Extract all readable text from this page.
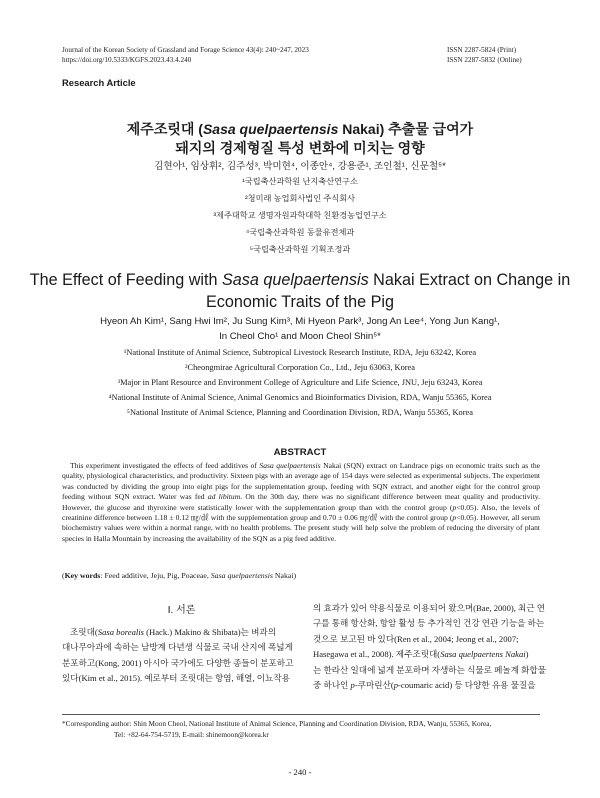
Journal of the Korean Society of Grassland and Forage Science 43(4): 240~247, 2023
https://doi.org/10.5333/KGFS.2023.43.4.240
ISSN 2287-5824 (Print)
ISSN 2287-5832 (Online)
Research Article
제주조릿대 (Sasa quelpaertensis Nakai) 추출물 급여가
돼지의 경제형질 특성 변화에 미치는 영향
김현아¹, 임상휘², 김주성³, 박미현⁴, 이종안⁴, 강용준¹, 조인철¹, 신문철⁵*
¹국립축산과학원 난지축산연구소
²청미래 농업회사법인 주식회사
³제주대학교 생명자원과학대학 친환경농업연구소
⁴국립축산과학원 동물유전체과
⁵국립축산과학원 기획조정과
The Effect of Feeding with Sasa quelpaertensis Nakai Extract on Change in
Economic Traits of the Pig
Hyeon Ah Kim¹, Sang Hwi Im², Ju Sung Kim³, Mi Hyeon Park³, Jong An Lee⁴, Yong Jun Kang¹,
In Cheol Cho¹ and Moon Cheol Shin⁵*
¹National Institute of Animal Science, Subtropical Livestock Research Institute, RDA, Jeju 63242, Korea
²Cheongmirae Agricultural Corporation Co., Ltd., Jeju 63063, Korea
³Major in Plant Resource and Environment College of Agriculture and Life Science, JNU, Jeju 63243, Korea
⁴National Institute of Animal Science, Animal Genomics and Bioinformatics Division, RDA, Wanju 55365, Korea
⁵National Institute of Animal Science, Planning and Coordination Division, RDA, Wanju 55365, Korea
ABSTRACT
This experiment investigated the effects of feed additives of Sasa quelpaertensis Nakai (SQN) extract on Landrace pigs on economic traits such as the quality, physiological characteristics, and productivity. Sixteen pigs with an average age of 154 days were selected as experimental subjects. The experiment was conducted by dividing the group into eight pigs for the supplementation group, feeding with SQN extract, and another eight for the control group feeding without SQN extract. Water was fed ad libitum. On the 30th day, there was no significant difference between meat quality and productivity. However, the glucose and thyroxine were statistically lower with the supplementation group than with the control group (p<0.05). Also, the levels of creatinine difference between 1.18 ± 0.12 ㎎/㎗ with the supplementation group and 0.70 ± 0.06 ㎎/㎗ with the control group (p<0.05). However, all serum biochemistry values were within a normal range, with no health problems. The present study will help solve the problem of reducing the diversity of plant species in Halla Mountain by increasing the availability of the SQN as a pig feed additive.
(Key words: Feed additive, Jeju, Pig, Poaceae, Sasa quelpaertensis Nakai)
Ⅰ. 서론
조릿대(Sasa borealis (Hack.) Makino & Shibata)는 벼과의
대나무아과에 속하는 남방계 다년생 식물로 국내 산지에 폭넓게
분포하고(Kong, 2001) 아시아 국가에도 다양한 종들이 분포하고
있다(Kim et al., 2015). 예로부터 조릿대는 항염, 해열, 이뇨작용
의 효과가 있어 약용식물로 이용되어 왔으며(Bae, 2000), 최근 연
구를 통해 항산화, 항암 활성 등 추가적인 건강 연관 기능을 하는
것으로 보고된 바 있다(Ren et al., 2004; Jeong et al., 2007;
Hasegawa et al., 2008). 제주조릿대(Sasa quelpaertens Nakai)
는 한라산 일대에 넓게 분포하며 자생하는 식물로 페놀계 화합물
중 하나인 p-쿠마린산(p-coumaric acid) 등 다양한 유용 물질을
*Corresponding author: Shin Moon Cheol, National Institute of Animal Science, Planning and Coordination Division, RDA, Wanju, 55365, Korea,
Tel: +82-64-754-5719, E-mail: shinemoon@korea.kr
- 240 -
